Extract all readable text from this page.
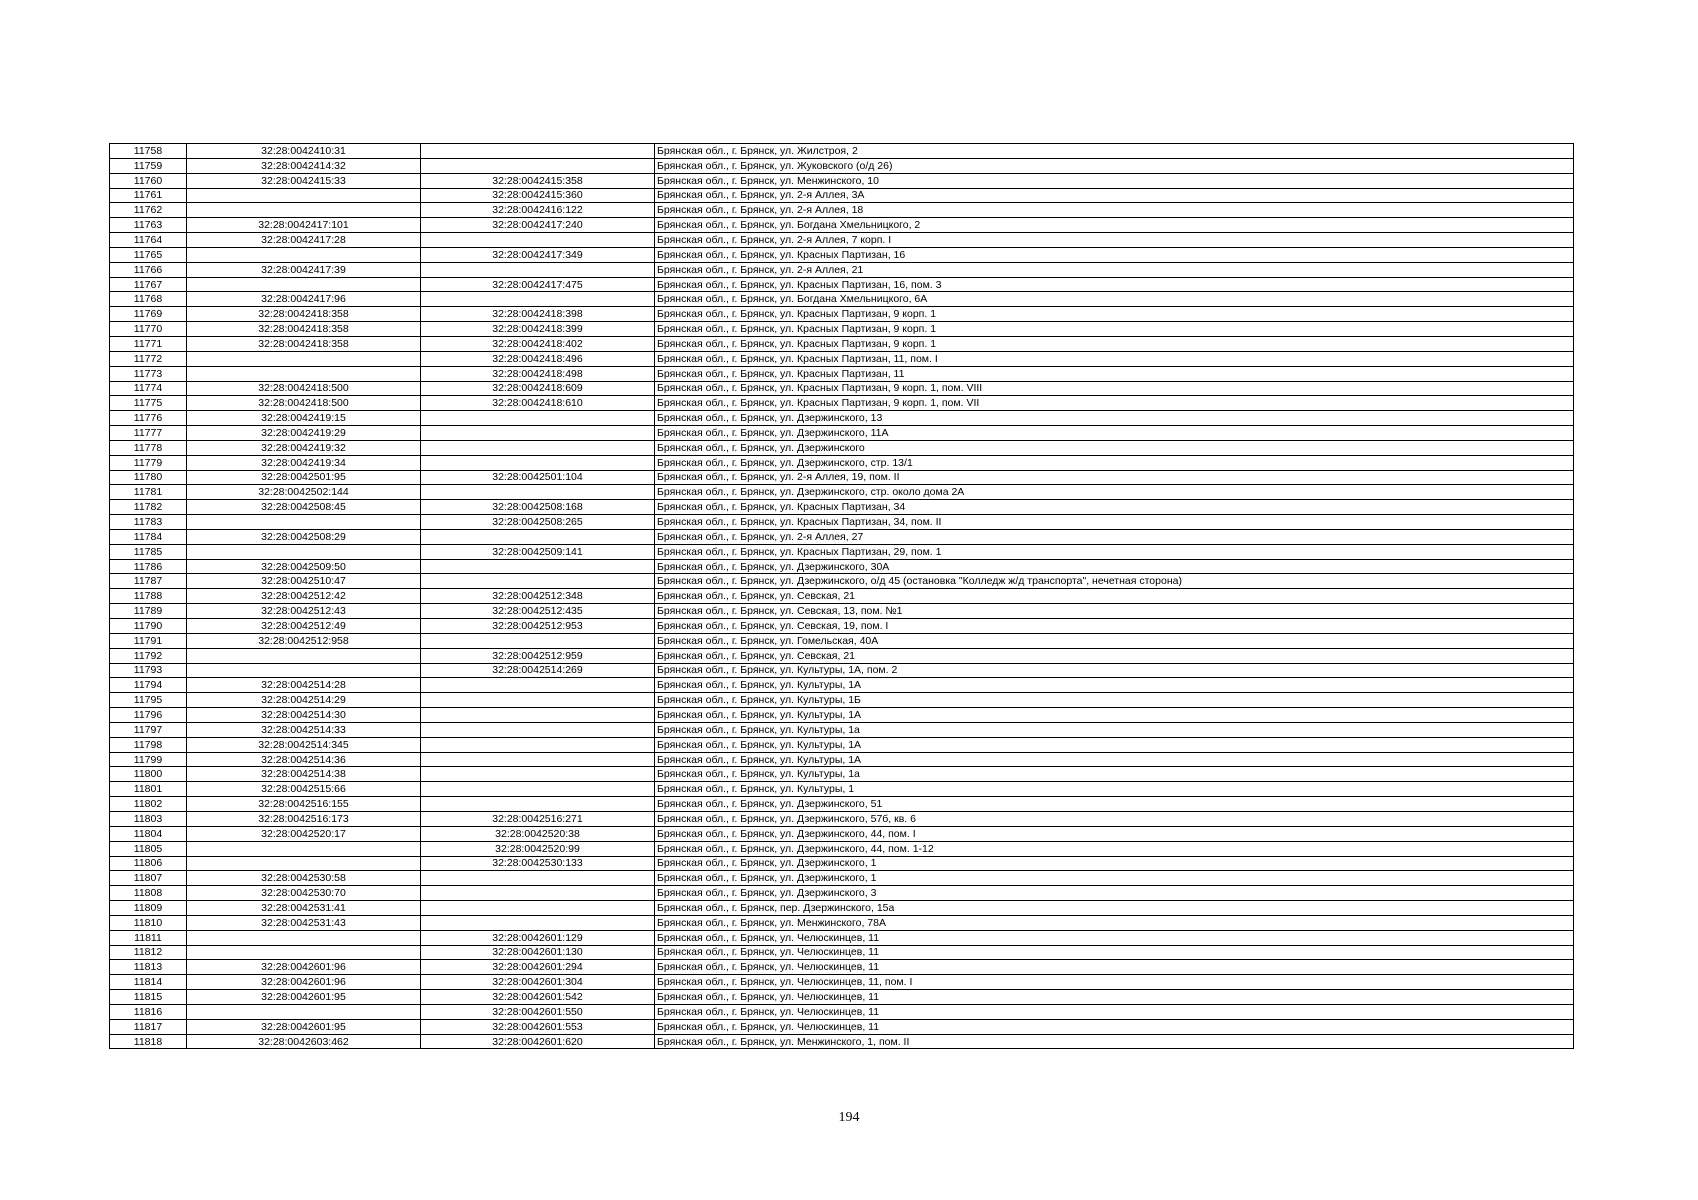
11758	32:28:0042410:31		Брянская обл., г. Брянск, ул. Жилстроя, 2
11759	32:28:0042414:32		Брянская обл., г. Брянск, ул. Жуковского (о/д 26)
11760	32:28:0042415:33	32:28:0042415:358	Брянская обл., г. Брянск, ул. Менжинского, 10
11761		32:28:0042415:360	Брянская обл., г. Брянск, ул. 2-я Аллея, 3А
11762		32:28:0042416:122	Брянская обл., г. Брянск, ул. 2-я Аллея, 18
11763	32:28:0042417:101	32:28:0042417:240	Брянская обл., г. Брянск, ул. Богдана Хмельницкого, 2
11764	32:28:0042417:28		Брянская обл., г. Брянск, ул. 2-я Аллея, 7 корп. I
11765		32:28:0042417:349	Брянская обл., г. Брянск, ул. Красных Партизан, 16
11766	32:28:0042417:39		Брянская обл., г. Брянск, ул. 2-я Аллея, 21
11767		32:28:0042417:475	Брянская обл., г. Брянск, ул. Красных Партизан, 16, пом. 3
11768	32:28:0042417:96		Брянская обл., г. Брянск, ул. Богдана Хмельницкого, 6А
11769	32:28:0042418:358	32:28:0042418:398	Брянская обл., г. Брянск, ул. Красных Партизан, 9 корп. 1
11770	32:28:0042418:358	32:28:0042418:399	Брянская обл., г. Брянск, ул. Красных Партизан, 9 корп. 1
11771	32:28:0042418:358	32:28:0042418:402	Брянская обл., г. Брянск, ул. Красных Партизан, 9 корп. 1
11772		32:28:0042418:496	Брянская обл., г. Брянск, ул. Красных Партизан, 11, пом. I
11773		32:28:0042418:498	Брянская обл., г. Брянск, ул. Красных Партизан, 11
11774	32:28:0042418:500	32:28:0042418:609	Брянская обл., г. Брянск, ул. Красных Партизан, 9 корп. 1, пом. VIII
11775	32:28:0042418:500	32:28:0042418:610	Брянская обл., г. Брянск, ул. Красных Партизан, 9 корп. 1, пом. VII
11776	32:28:0042419:15		Брянская обл., г. Брянск, ул. Дзержинского, 13
11777	32:28:0042419:29		Брянская обл., г. Брянск, ул. Дзержинского, 11А
11778	32:28:0042419:32		Брянская обл., г. Брянск, ул. Дзержинского
11779	32:28:0042419:34		Брянская обл., г. Брянск, ул. Дзержинского, стр. 13/1
11780	32:28:0042501:95	32:28:0042501:104	Брянская обл., г. Брянск, ул. 2-я Аллея, 19, пом. II
11781	32:28:0042502:144		Брянская обл., г. Брянск, ул. Дзержинского, стр. около дома 2А
11782	32:28:0042508:45	32:28:0042508:168	Брянская обл., г. Брянск, ул. Красных Партизан, 34
11783		32:28:0042508:265	Брянская обл., г. Брянск, ул. Красных Партизан, 34, пом. II
11784	32:28:0042508:29		Брянская обл., г. Брянск, ул. 2-я Аллея, 27
11785		32:28:0042509:141	Брянская обл., г. Брянск, ул. Красных Партизан, 29, пом. 1
11786	32:28:0042509:50		Брянская обл., г. Брянск, ул. Дзержинского, 30А
11787	32:28:0042510:47		Брянская обл., г. Брянск, ул. Дзержинского, о/д 45 (остановка "Колледж ж/д транспорта", нечетная сторона)
11788	32:28:0042512:42	32:28:0042512:348	Брянская обл., г. Брянск, ул. Севская, 21
11789	32:28:0042512:43	32:28:0042512:435	Брянская обл., г. Брянск, ул. Севская, 13, пом. №1
11790	32:28:0042512:49	32:28:0042512:953	Брянская обл., г. Брянск, ул. Севская, 19, пом. I
11791	32:28:0042512:958		Брянская обл., г. Брянск, ул. Гомельская, 40А
11792		32:28:0042512:959	Брянская обл., г. Брянск, ул. Севская, 21
11793		32:28:0042514:269	Брянская обл., г. Брянск, ул. Культуры, 1А, пом. 2
11794	32:28:0042514:28		Брянская обл., г. Брянск, ул. Культуры, 1А
11795	32:28:0042514:29		Брянская обл., г. Брянск, ул. Культуры, 1Б
11796	32:28:0042514:30		Брянская обл., г. Брянск, ул. Культуры, 1А
11797	32:28:0042514:33		Брянская обл., г. Брянск, ул. Культуры, 1а
11798	32:28:0042514:345		Брянская обл., г. Брянск, ул. Культуры, 1А
11799	32:28:0042514:36		Брянская обл., г. Брянск, ул. Культуры, 1А
11800	32:28:0042514:38		Брянская обл., г. Брянск, ул. Культуры, 1а
11801	32:28:0042515:66		Брянская обл., г. Брянск, ул. Культуры, 1
11802	32:28:0042516:155		Брянская обл., г. Брянск, ул. Дзержинского, 51
11803	32:28:0042516:173	32:28:0042516:271	Брянская обл., г. Брянск, ул. Дзержинского, 57б, кв. 6
11804	32:28:0042520:17	32:28:0042520:38	Брянская обл., г. Брянск, ул. Дзержинского, 44, пом. I
11805		32:28:0042520:99	Брянская обл., г. Брянск, ул. Дзержинского, 44, пом. 1-12
11806		32:28:0042530:133	Брянская обл., г. Брянск, ул. Дзержинского, 1
11807	32:28:0042530:58		Брянская обл., г. Брянск, ул. Дзержинского, 1
11808	32:28:0042530:70		Брянская обл., г. Брянск, ул. Дзержинского, 3
11809	32:28:0042531:41		Брянская обл., г. Брянск, пер. Дзержинского, 15а
11810	32:28:0042531:43		Брянская обл., г. Брянск, ул. Менжинского, 78А
11811		32:28:0042601:129	Брянская обл., г. Брянск, ул. Челюскинцев, 11
11812		32:28:0042601:130	Брянская обл., г. Брянск, ул. Челюскинцев, 11
11813	32:28:0042601:96	32:28:0042601:294	Брянская обл., г. Брянск, ул. Челюскинцев, 11
11814	32:28:0042601:96	32:28:0042601:304	Брянская обл., г. Брянск, ул. Челюскинцев, 11, пом. I
11815	32:28:0042601:95	32:28:0042601:542	Брянская обл., г. Брянск, ул. Челюскинцев, 11
11816		32:28:0042601:550	Брянская обл., г. Брянск, ул. Челюскинцев, 11
11817	32:28:0042601:95	32:28:0042601:553	Брянская обл., г. Брянск, ул. Челюскинцев, 11
11818	32:28:0042603:462	32:28:0042601:620	Брянская обл., г. Брянск, ул. Менжинского, 1, пом. II
194
